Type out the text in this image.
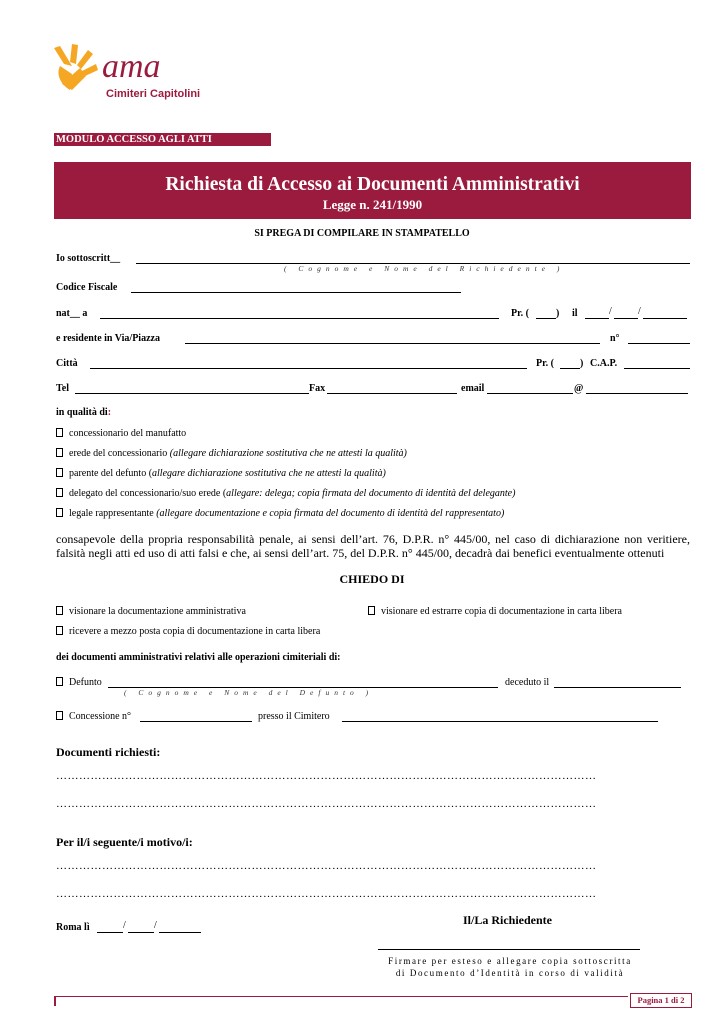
ama
Cimiteri Capitolini
MODULO ACCESSO AGLI ATTI
Richiesta di Accesso ai Documenti Amministrativi
Legge n. 241/1990
SI PREGA DI COMPILARE IN STAMPATELLO
Io sottoscritt__
( Cognome e Nome del Richiedente )
Codice Fiscale
nat__ a	Pr. (	) il	/	/
e residente in Via/Piazza	n°
Città	Pr. (	) C.A.P.
Tel	Fax	email	@
in qualità di:
concessionario del manufatto
erede del concessionario (allegare dichiarazione sostitutiva che ne attesti la qualità)
parente del defunto (allegare dichiarazione sostitutiva che ne attesti la qualità)
delegato del concessionario/suo erede (allegare: delega; copia firmata del documento di identità del delegante)
legale rappresentante (allegare documentazione e copia firmata del documento di identità del rappresentato)
consapevole della propria responsabilità penale, ai sensi dell’art. 76, D.P.R. n° 445/00, nel caso di dichiarazione non veritiere, falsità negli atti ed uso di atti falsi e che, ai sensi dell’art. 75, del D.P.R. n° 445/00, decadrà dai benefici eventualmente ottenuti
CHIEDO DI
visionare la documentazione amministrativa	visionare ed estrarre copia di documentazione in carta libera
ricevere a mezzo posta copia di documentazione in carta libera
dei documenti amministrativi relativi alle operazioni cimiteriali di:
Defunto	deceduto il
( Cognome e Nome del Defunto )
Concessione n°	presso il Cimitero
Documenti richiesti:
……………………………………………………………………………………………………………………………
……………………………………………………………………………………………………………………………
Per il/i seguente/i motivo/i:
……………………………………………………………………………………………………………………………
……………………………………………………………………………………………………………………………
Roma lì	/	/	Il/La Richiedente
Firmare per esteso e allegare copia sottoscritta
di Documento d’Identità in corso di validità
Pagina 1 di 2
